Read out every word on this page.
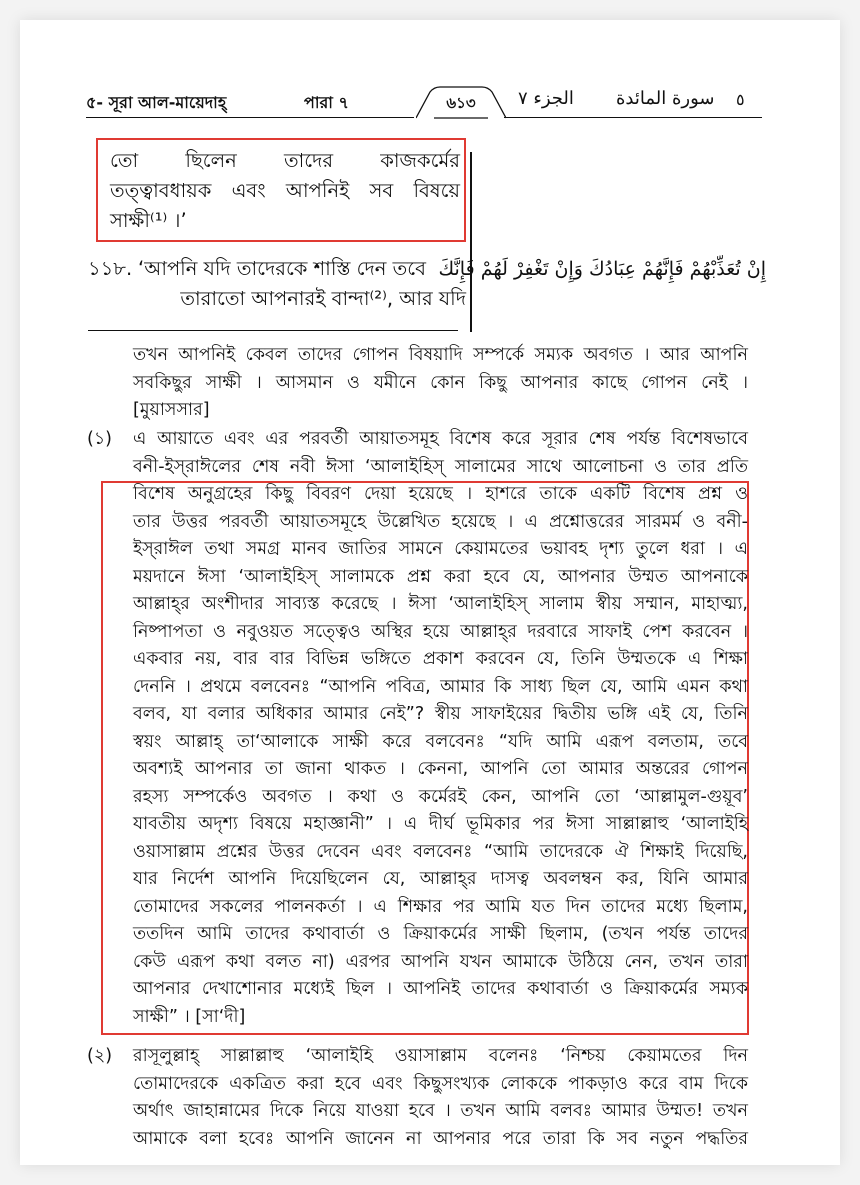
৫- সূরা আল-মায়েদাহ্	পারা ৭	৬১৩	الجزء ٧ سورة المائدة ٥
তো ছিলেন তাদের কাজকর্মের
তত্ত্বাবধায়ক এবং আপনিই সব বিষয়ে
সাক্ষী⁽¹⁾ ।’
১১৮. ‘আপনি যদি তাদেরকে শাস্তি দেন তবে
তারাতো আপনারই বান্দা⁽²⁾, আর যদি
إِنْ تُعَذِّبْهُمْ فَإِنَّهُمْ عِبَادُكَ وَإِنْ تَغْفِرْ لَهُمْ فَإِنَّكَ
তখন আপনিই কেবল তাদের গোপন বিষয়াদি সম্পর্কে সম্যক অবগত । আর আপনি
সবকিছুর সাক্ষী । আসমান ও যমীনে কোন কিছু আপনার কাছে গোপন নেই ।
[মুয়াসসার]
(১) এ আয়াতে এবং এর পরবর্তী আয়াতসমূহ বিশেষ করে সূরার শেষ পর্যন্ত বিশেষভাবে
বনী-ইস্‌রাঈলের শেষ নবী ঈসা ‘আলাইহিস্‌ সালামের সাথে আলোচনা ও তার প্রতি
বিশেষ অনুগ্রহের কিছু বিবরণ দেয়া হয়েছে । হাশরে তাকে একটি বিশেষ প্রশ্ন ও
তার উত্তর পরবর্তী আয়াতসমূহে উল্লেখিত হয়েছে । এ প্রশ্নোত্তরের সারমর্ম ও বনী-
ইস্‌রাঈল তথা সমগ্র মানব জাতির সামনে কেয়ামতের ভয়াবহ দৃশ্য তুলে ধরা । এ
ময়দানে ঈসা ‘আলাইহিস্‌ সালামকে প্রশ্ন করা হবে যে, আপনার উম্মত আপনাকে
আল্লাহ্‌র অংশীদার সাব্যস্ত করেছে । ঈসা ‘আলাইহিস্‌ সালাম স্বীয় সম্মান, মাহাত্ম্য,
নিষ্পাপতা ও নবুওয়ত সত্ত্বেও অস্থির হয়ে আল্লাহ্‌র দরবারে সাফাই পেশ করবেন ।
একবার নয়, বার বার বিভিন্ন ভঙ্গিতে প্রকাশ করবেন যে, তিনি উম্মতকে এ শিক্ষা
দেননি । প্রথমে বলবেনঃ “আপনি পবিত্র, আমার কি সাধ্য ছিল যে, আমি এমন কথা
বলব, যা বলার অধিকার আমার নেই”? স্বীয় সাফাইয়ের দ্বিতীয় ভঙ্গি এই যে, তিনি
স্বয়ং আল্লাহ্‌ তা‘আলাকে সাক্ষী করে বলবেনঃ “যদি আমি এরূপ বলতাম, তবে
অবশ্যই আপনার তা জানা থাকত । কেননা, আপনি তো আমার অন্তরের গোপন
রহস্য সম্পর্কেও অবগত । কথা ও কর্মেরই কেন, আপনি তো ‘আল্লামুল-গুয়ূব’
যাবতীয় অদৃশ্য বিষয়ে মহাজ্ঞানী” । এ দীর্ঘ ভূমিকার পর ঈসা সাল্লাল্লাহু ‘আলাইহি
ওয়াসাল্লাম প্রশ্নের উত্তর দেবেন এবং বলবেনঃ “আমি তাদেরকে ঐ শিক্ষাই দিয়েছি,
যার নির্দেশ আপনি দিয়েছিলেন যে, আল্লাহ্‌র দাসত্ব অবলম্বন কর, যিনি আমার
তোমাদের সকলের পালনকর্তা । এ শিক্ষার পর আমি যত দিন তাদের মধ্যে ছিলাম,
ততদিন আমি তাদের কথাবার্তা ও ক্রিয়াকর্মের সাক্ষী ছিলাম, (তখন পর্যন্ত তাদের
কেউ এরূপ কথা বলত না) এরপর আপনি যখন আমাকে উঠিয়ে নেন, তখন তারা
আপনার দেখাশোনার মধ্যেই ছিল । আপনিই তাদের কথাবার্তা ও ক্রিয়াকর্মের সম্যক
সাক্ষী” । [সা‘দী]
(২) রাসূলুল্লাহ্‌ সাল্লাল্লাহু ‘আলাইহি ওয়াসাল্লাম বলেনঃ ‘নিশ্চয় কেয়ামতের দিন
তোমাদেরকে একত্রিত করা হবে এবং কিছুসংখ্যক লোককে পাকড়াও করে বাম দিকে
অর্থাৎ জাহান্নামের দিকে নিয়ে যাওয়া হবে । তখন আমি বলবঃ আমার উম্মত! তখন
আমাকে বলা হবেঃ আপনি জানেন না আপনার পরে তারা কি সব নতুন পদ্ধতির
